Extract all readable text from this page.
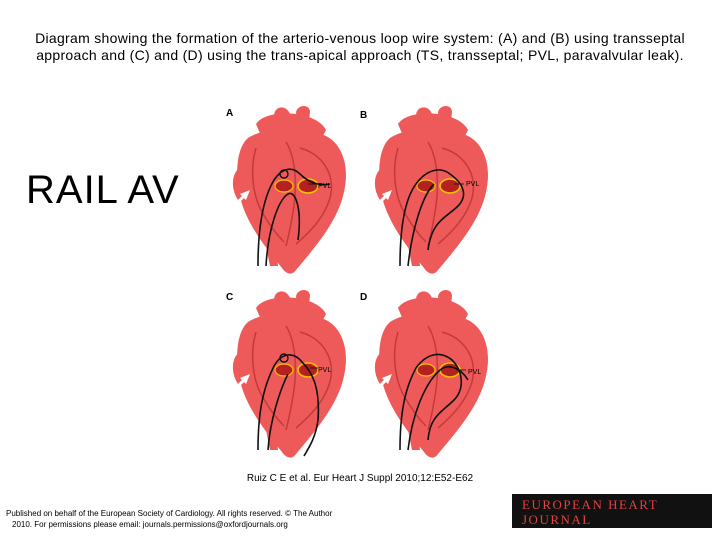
Diagram showing the formation of the arterio-venous loop wire system: (A) and (B) using transseptal approach and (C) and (D) using the trans-apical approach (TS, transseptal; PVL, paravalvular leak).
RAIL AV
A
PVL
TS
B
PVL
TS
C
PVL
TS
D
PVL
TS
Ruiz C E et al. Eur Heart J Suppl 2010;12:E52-E62
Published on behalf of the European Society of Cardiology. All rights reserved. © The Author
2010. For permissions please email: journals.permissions@oxfordjournals.org
EUROPEAN HEART JOURNAL
SUPPLEMENTS
